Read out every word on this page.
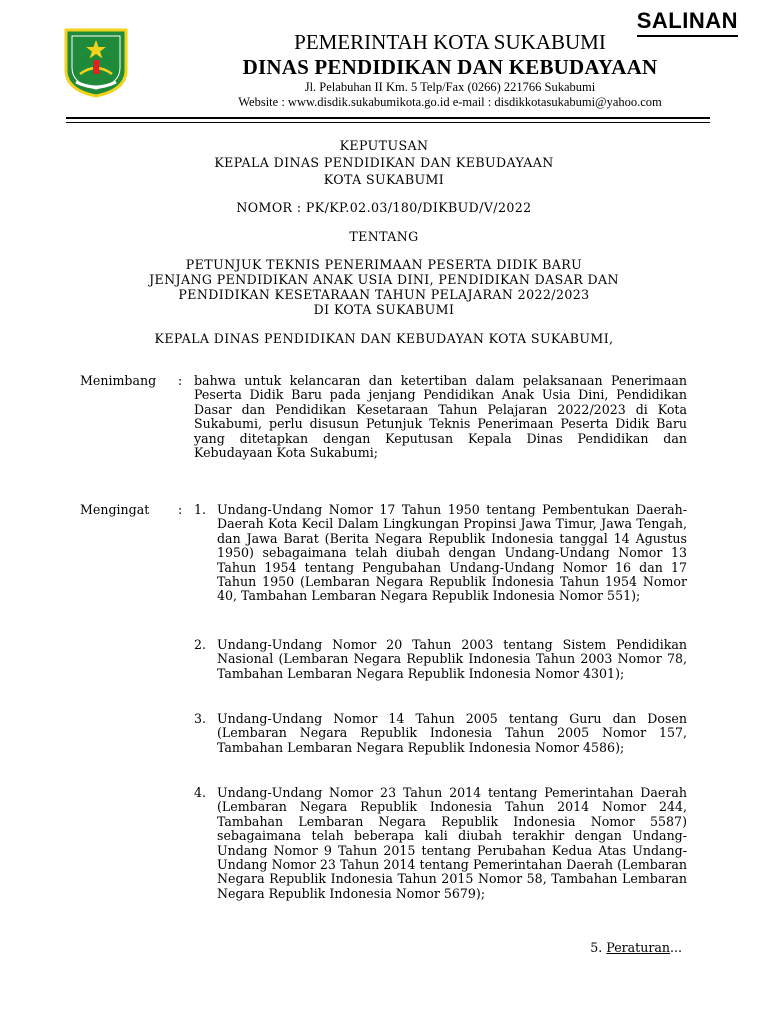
SALINAN
PEMERINTAH KOTA SUKABUMI
DINAS PENDIDIKAN DAN KEBUDAYAAN
Jl. Pelabuhan II Km. 5 Telp/Fax (0266) 221766 Sukabumi
Website : www.disdik.sukabumikota.go.id e-mail : disdikkotasukabumi@yahoo.com
KEPUTUSAN
KEPALA DINAS PENDIDIKAN DAN KEBUDAYAAN
KOTA SUKABUMI
NOMOR : PK/KP.02.03/180/DIKBUD/V/2022
TENTANG
PETUNJUK TEKNIS PENERIMAAN PESERTA DIDIK BARU
JENJANG PENDIDIKAN ANAK USIA DINI, PENDIDIKAN DASAR DAN
PENDIDIKAN KESETARAAN TAHUN PELAJARAN 2022/2023
DI KOTA SUKABUMI
KEPALA DINAS PENDIDIKAN DAN KEBUDAYAN KOTA SUKABUMI,
Menimbang : bahwa untuk kelancaran dan ketertiban dalam pelaksanaan Penerimaan Peserta Didik Baru pada jenjang Pendidikan Anak Usia Dini, Pendidikan Dasar dan Pendidikan Kesetaraan Tahun Pelajaran 2022/2023 di Kota Sukabumi, perlu disusun Petunjuk Teknis Penerimaan Peserta Didik Baru yang ditetapkan dengan Keputusan Kepala Dinas Pendidikan dan Kebudayaan Kota Sukabumi;
Mengingat : 1. Undang-Undang Nomor 17 Tahun 1950 tentang Pembentukan Daerah-Daerah Kota Kecil Dalam Lingkungan Propinsi Jawa Timur, Jawa Tengah, dan Jawa Barat (Berita Negara Republik Indonesia tanggal 14 Agustus 1950) sebagaimana telah diubah dengan Undang-Undang Nomor 13 Tahun 1954 tentang Pengubahan Undang-Undang Nomor 16 dan 17 Tahun 1950 (Lembaran Negara Republik Indonesia Tahun 1954 Nomor 40, Tambahan Lembaran Negara Republik Indonesia Nomor 551);
2. Undang-Undang Nomor 20 Tahun 2003 tentang Sistem Pendidikan Nasional (Lembaran Negara Republik Indonesia Tahun 2003 Nomor 78, Tambahan Lembaran Negara Republik Indonesia Nomor 4301);
3. Undang-Undang Nomor 14 Tahun 2005 tentang Guru dan Dosen (Lembaran Negara Republik Indonesia Tahun 2005 Nomor 157, Tambahan Lembaran Negara Republik Indonesia Nomor 4586);
4. Undang-Undang Nomor 23 Tahun 2014 tentang Pemerintahan Daerah (Lembaran Negara Republik Indonesia Tahun 2014 Nomor 244, Tambahan Lembaran Negara Republik Indonesia Nomor 5587) sebagaimana telah beberapa kali diubah terakhir dengan Undang-Undang Nomor 9 Tahun 2015 tentang Perubahan Kedua Atas Undang-Undang Nomor 23 Tahun 2014 tentang Pemerintahan Daerah (Lembaran Negara Republik Indonesia Tahun 2015 Nomor 58, Tambahan Lembaran Negara Republik Indonesia Nomor 5679);
5. Peraturan...
